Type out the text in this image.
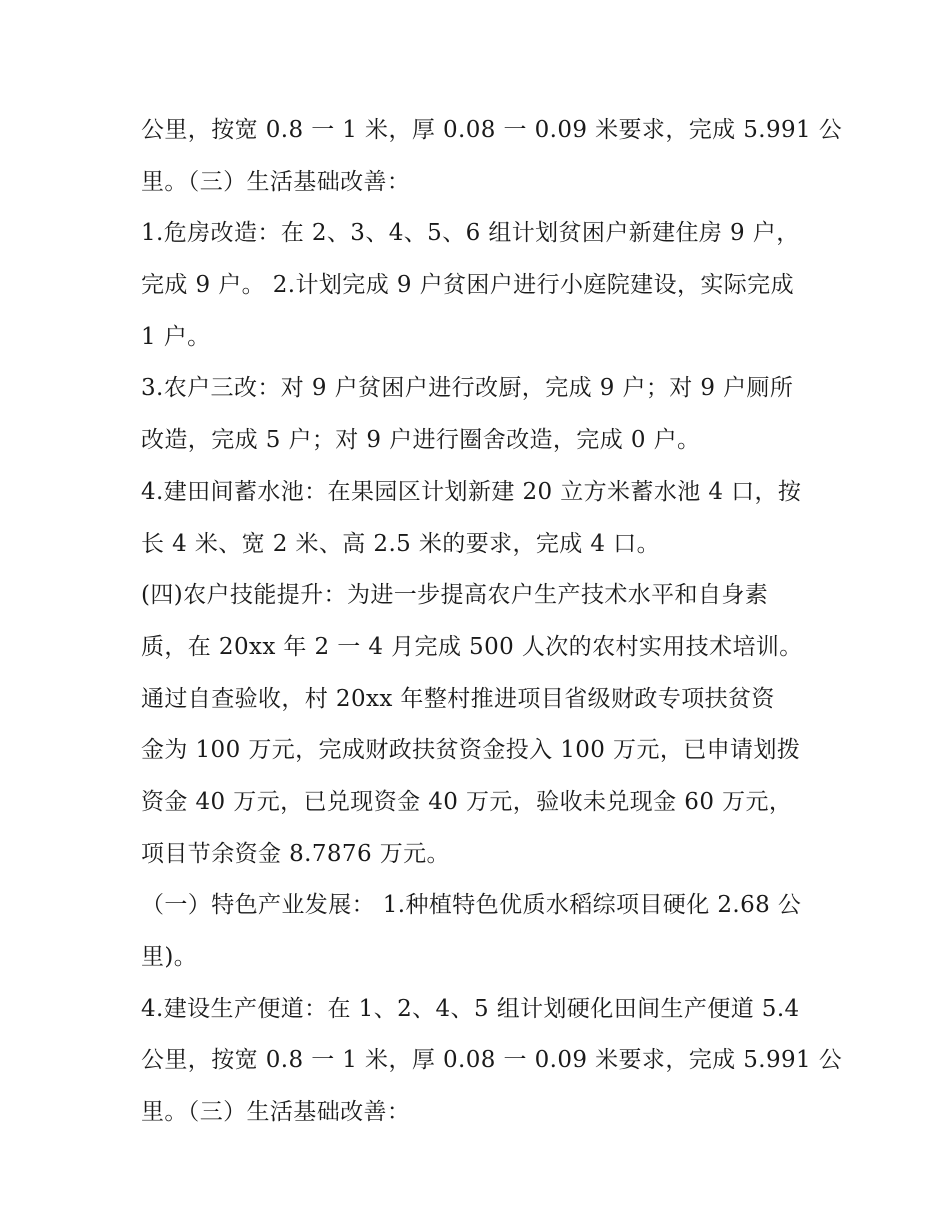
公里，按宽 0.8 一 1 米，厚 0.08 一 0.09 米要求，完成 5.991 公
里。（三）生活基础改善：
1.危房改造：在 2、3、4、5、6 组计划贫困户新建住房 9 户，
完成 9 户。 2.计划完成 9 户贫困户进行小庭院建设，实际完成
1 户。
3.农户三改：对 9 户贫困户进行改厨，完成 9 户；对 9 户厕所
改造，完成 5 户；对 9 户进行圈舍改造，完成 0 户。
4.建田间蓄水池：在果园区计划新建 20 立方米蓄水池 4 口，按
长 4 米、宽 2 米、高 2.5 米的要求，完成 4 口。
(四)农户技能提升：为进一步提高农户生产技术水平和自身素
质，在 20xx 年 2 一 4 月完成 500 人次的农村实用技术培训。
通过自查验收，村 20xx 年整村推进项目省级财政专项扶贫资
金为 100 万元，完成财政扶贫资金投入 100 万元，已申请划拨
资金 40 万元，已兑现资金 40 万元，验收未兑现金 60 万元，
项目节余资金 8.7876 万元。
（一）特色产业发展： 1.种植特色优质水稻综项目硬化 2.68 公
里)。
4.建设生产便道：在 1、2、4、5 组计划硬化田间生产便道 5.4
公里，按宽 0.8 一 1 米，厚 0.08 一 0.09 米要求，完成 5.991 公
里。（三）生活基础改善：
